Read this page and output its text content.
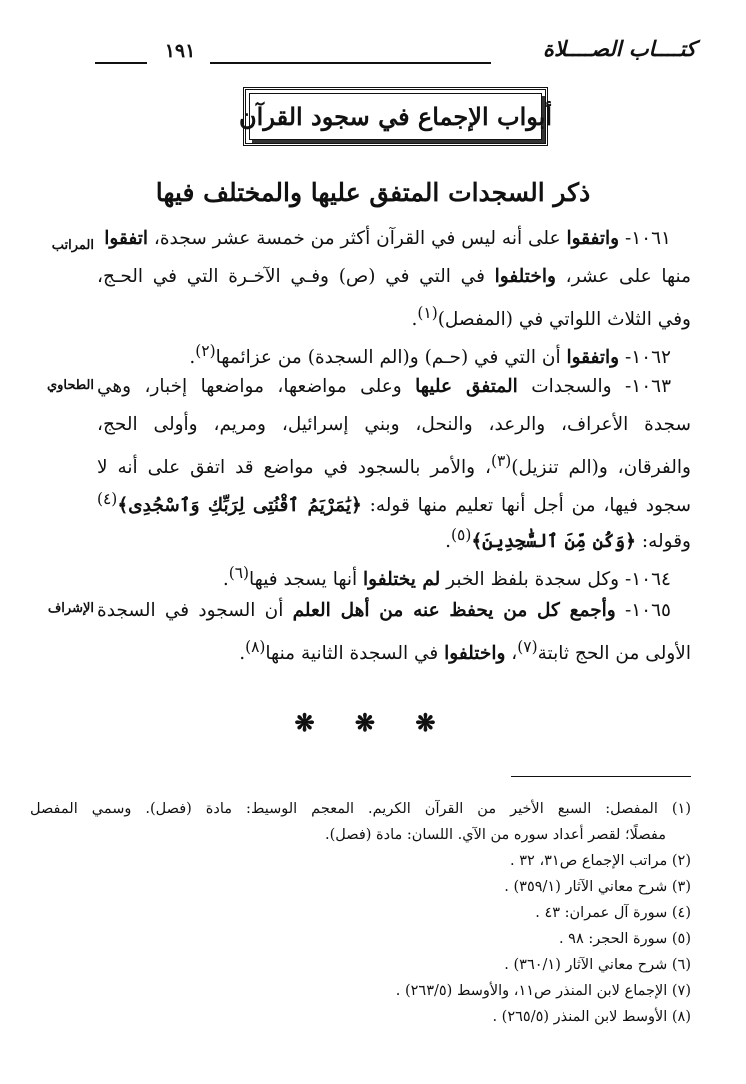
كتــــاب الصــــلاة
١٩١
أبواب الإجماع في سجود القرآن
ذكر السجدات المتفق عليها والمختلف فيها
المراتب
الطحاوي
الإشراف
١٠٦١- واتفقوا على أنه ليس في القرآن أكثر من خمسة عشر سجدة، اتفقوا
منها على عشر، واختلفوا في التي في (ص) وفـي الآخـرة التي في الحـج،
وفي الثلاث اللواتي في (المفصل)$^{(١)}$.
١٠٦٢- واتفقوا أن التي في (حـم) و(الم السجدة) من عزائمها$^{(٢)}$.
١٠٦٣- والسجدات المتفق عليها وعلى مواضعها، مواضعها إخبار، وهي
سجدة الأعراف، والرعد، والنحل، وبني إسرائيل، ومريم، وأولى الحج،
والفرقان، و(الم تنزيل)$^{(٣)}$، والأمر بالسجود في مواضع قد اتفق على أنه لا
سجود فيها، من أجل أنها تعليم منها قوله: ﴿يَٰمَرْيَمُ ٱقْنُتِى لِرَبِّكِ وَٱسْجُدِى﴾$^{(٤)}$
وقوله: ﴿وَكُن مِّنَ ٱلسَّٰجِدِينَ﴾$^{(٥)}$.
١٠٦٤- وكل سجدة بلفظ الخبر لم يختلفوا أنها يسجد فيها$^{(٦)}$.
١٠٦٥- وأجمع كل من يحفظ عنه من أهل العلم أن السجود في السجدة
الأولى من الحج ثابتة$^{(٧)}$، واختلفوا في السجدة الثانية منها$^{(٨)}$.
❋ ❋ ❋
(١) المفصل: السبع الأخير من القرآن الكريم. المعجم الوسيط: مادة (فصل). وسمي المفصل
مفصلًا؛ لقصر أعداد سوره من الآي. اللسان: مادة (فصل).
(٢) مراتب الإجماع ص٣١، ٣٢ .
(٣) شرح معاني الآثار (٣٥٩/١) .
(٤) سورة آل عمران: ٤٣ .
(٥) سورة الحجر: ٩٨ .
(٦) شرح معاني الآثار (٣٦٠/١) .
(٧) الإجماع لابن المنذر ص١١، والأوسط (٢٦٣/٥) .
(٨) الأوسط لابن المنذر (٢٦٥/٥) .
